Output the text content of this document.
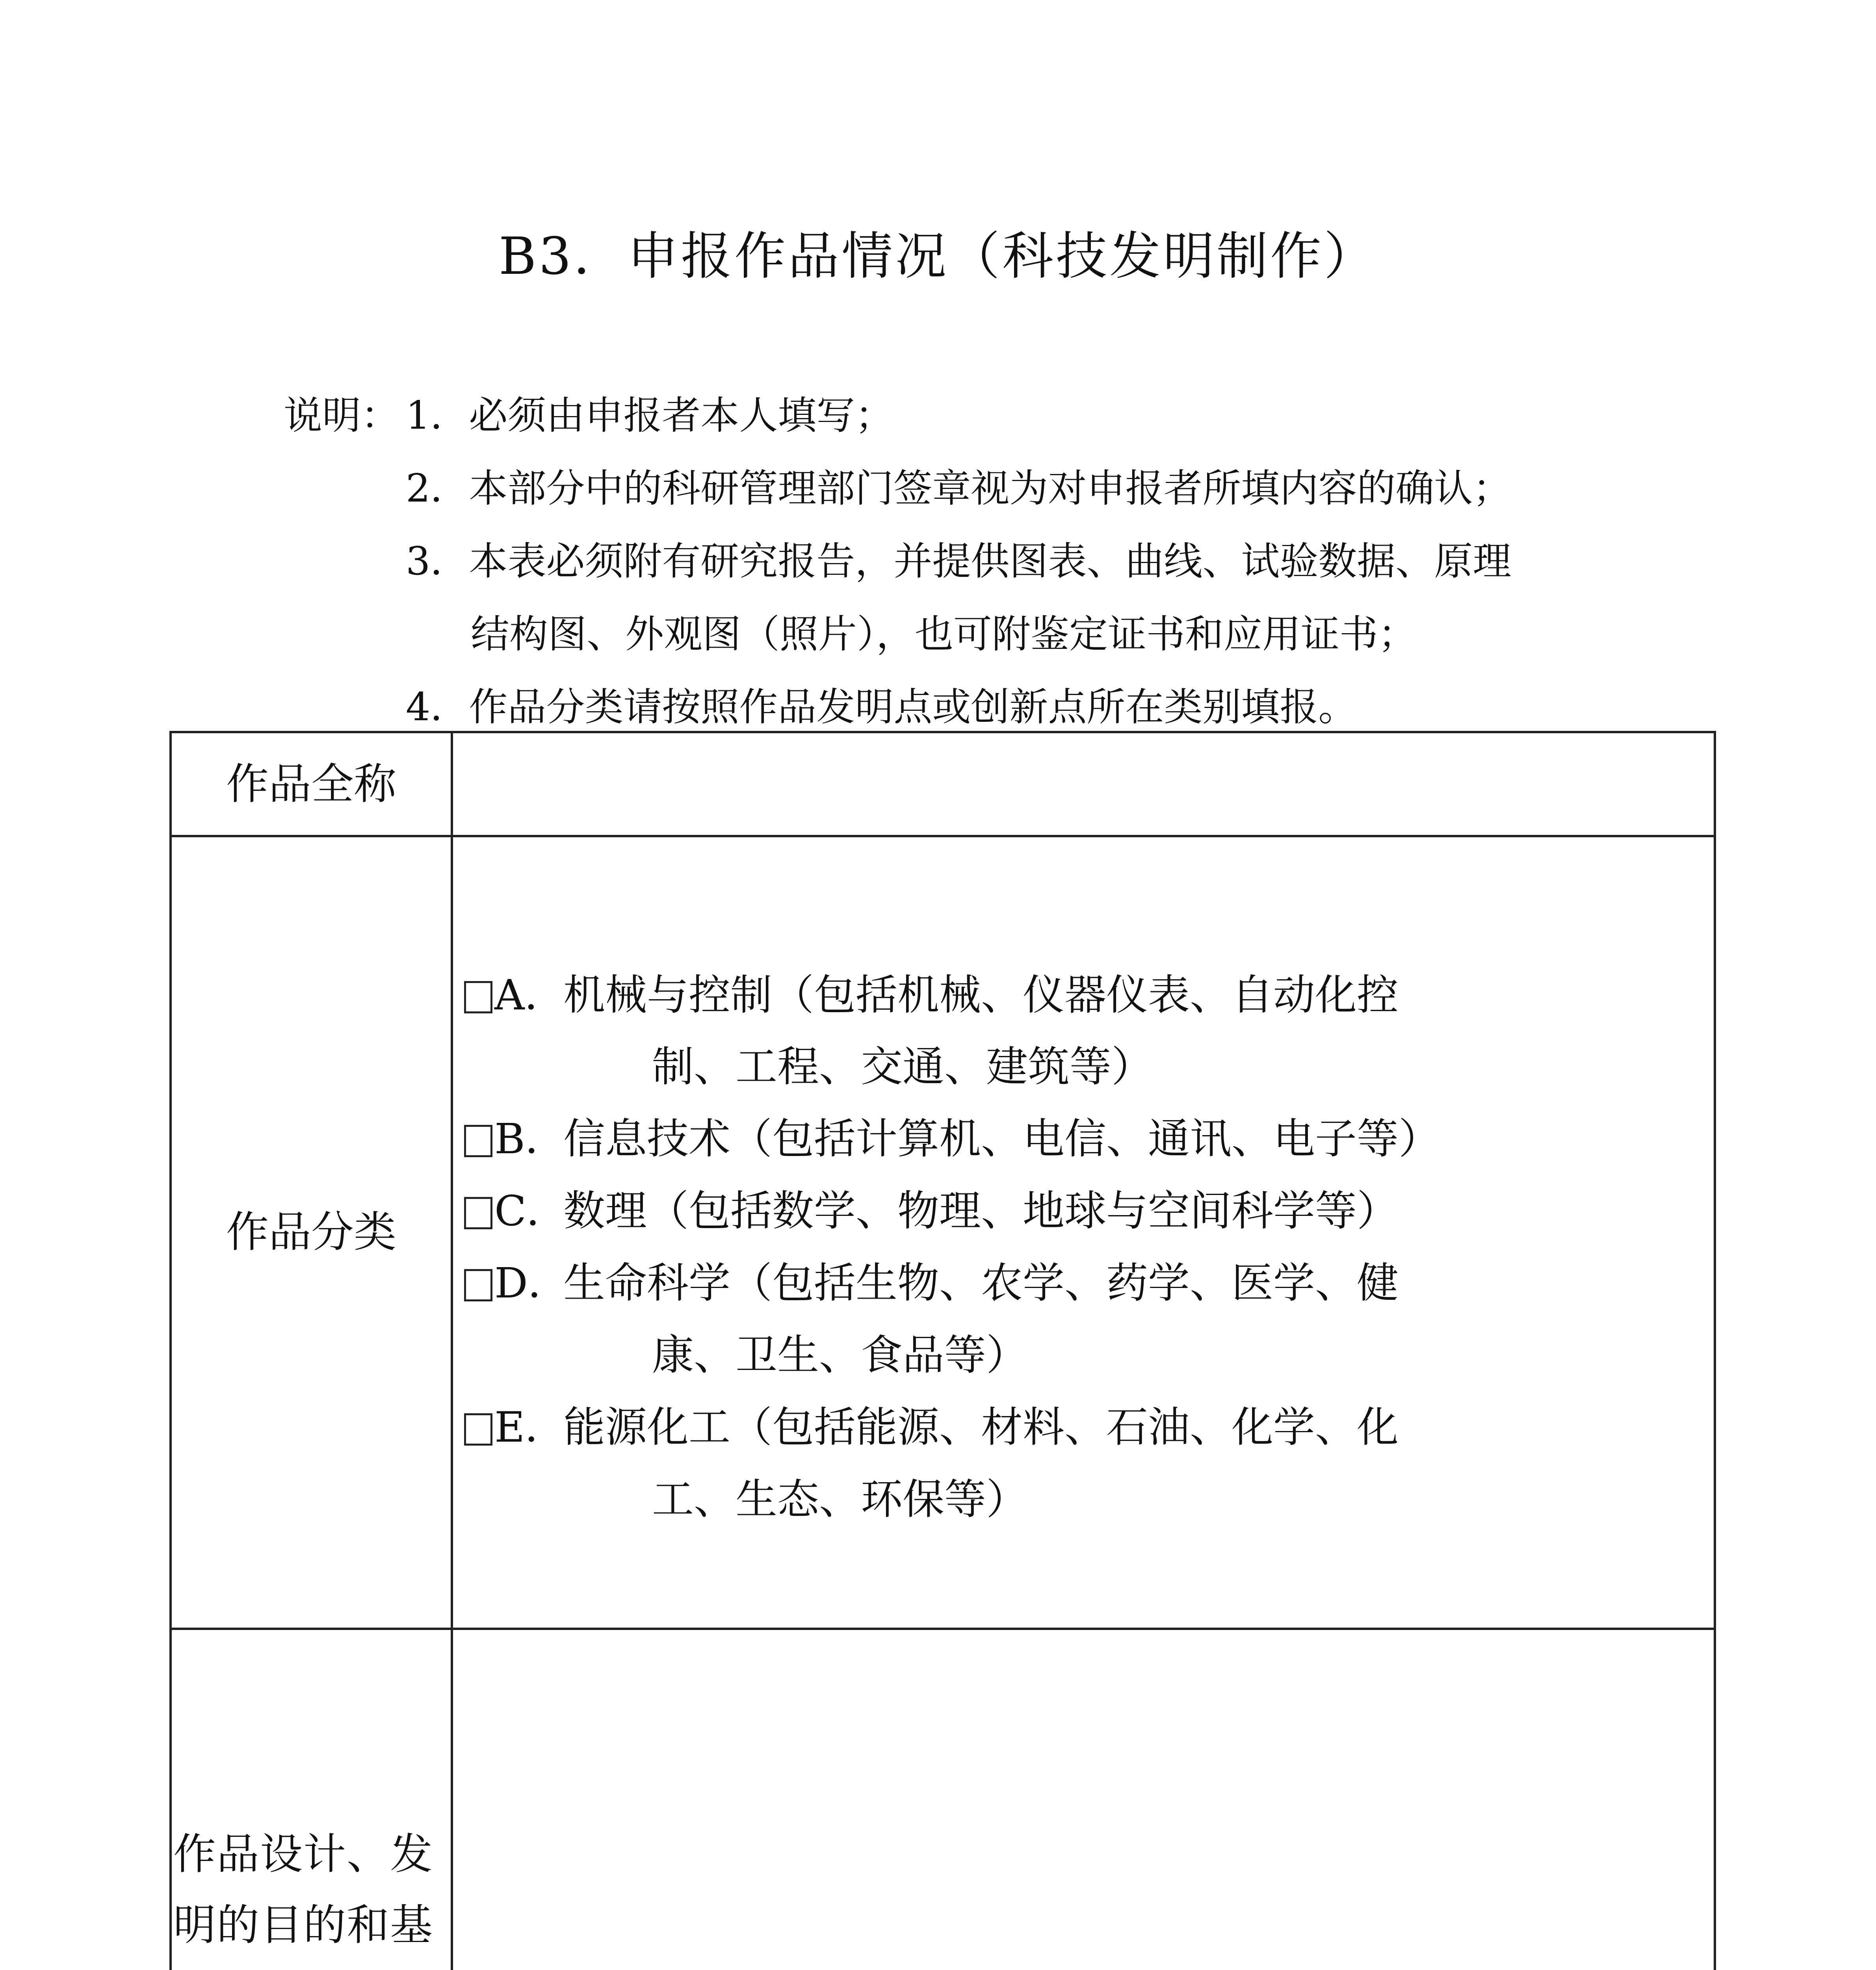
B3．申报作品情况（科技发明制作）
说明： 1．必须由申报者本人填写；
2．本部分中的科研管理部门签章视为对申报者所填内容的确认；
3．本表必须附有研究报告，并提供图表、曲线、试验数据、原理
结构图、外观图（照片），也可附鉴定证书和应用证书；
4．作品分类请按照作品发明点或创新点所在类别填报。
作品全称
作品分类
A．
机械与控制（包括机械、仪器仪表、自动化控
制、工程、交通、建筑等）
B．
信息技术（包括计算机、电信、通讯、电子等）
C．
数理（包括数学、物理、地球与空间科学等）
D．
生命科学（包括生物、农学、药学、医学、健
康、卫生、食品等）
E．
能源化工（包括能源、材料、石油、化学、化
工、生态、环保等）
作品设计、发明的目的和基
